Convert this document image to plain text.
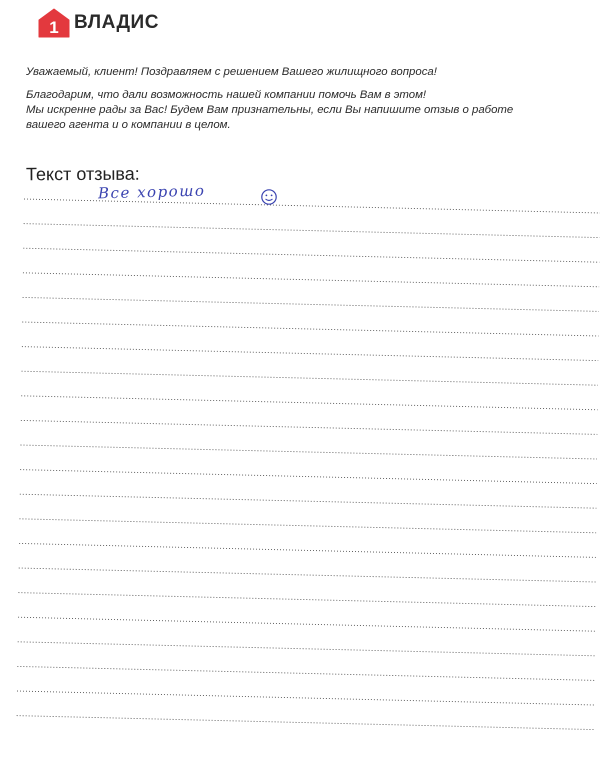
1 ВЛАДИС
Уважаемый, клиент! Поздравляем с решением Вашего жилищного вопроса!
Благодарим, что дали возможность нашей компании помочь Вам в этом!
Мы искренне рады за Вас! Будем Вам признательны, если Вы напишите отзыв о работе
вашего агента и о компании в целом.
Текст отзыва:
Все хорошо
